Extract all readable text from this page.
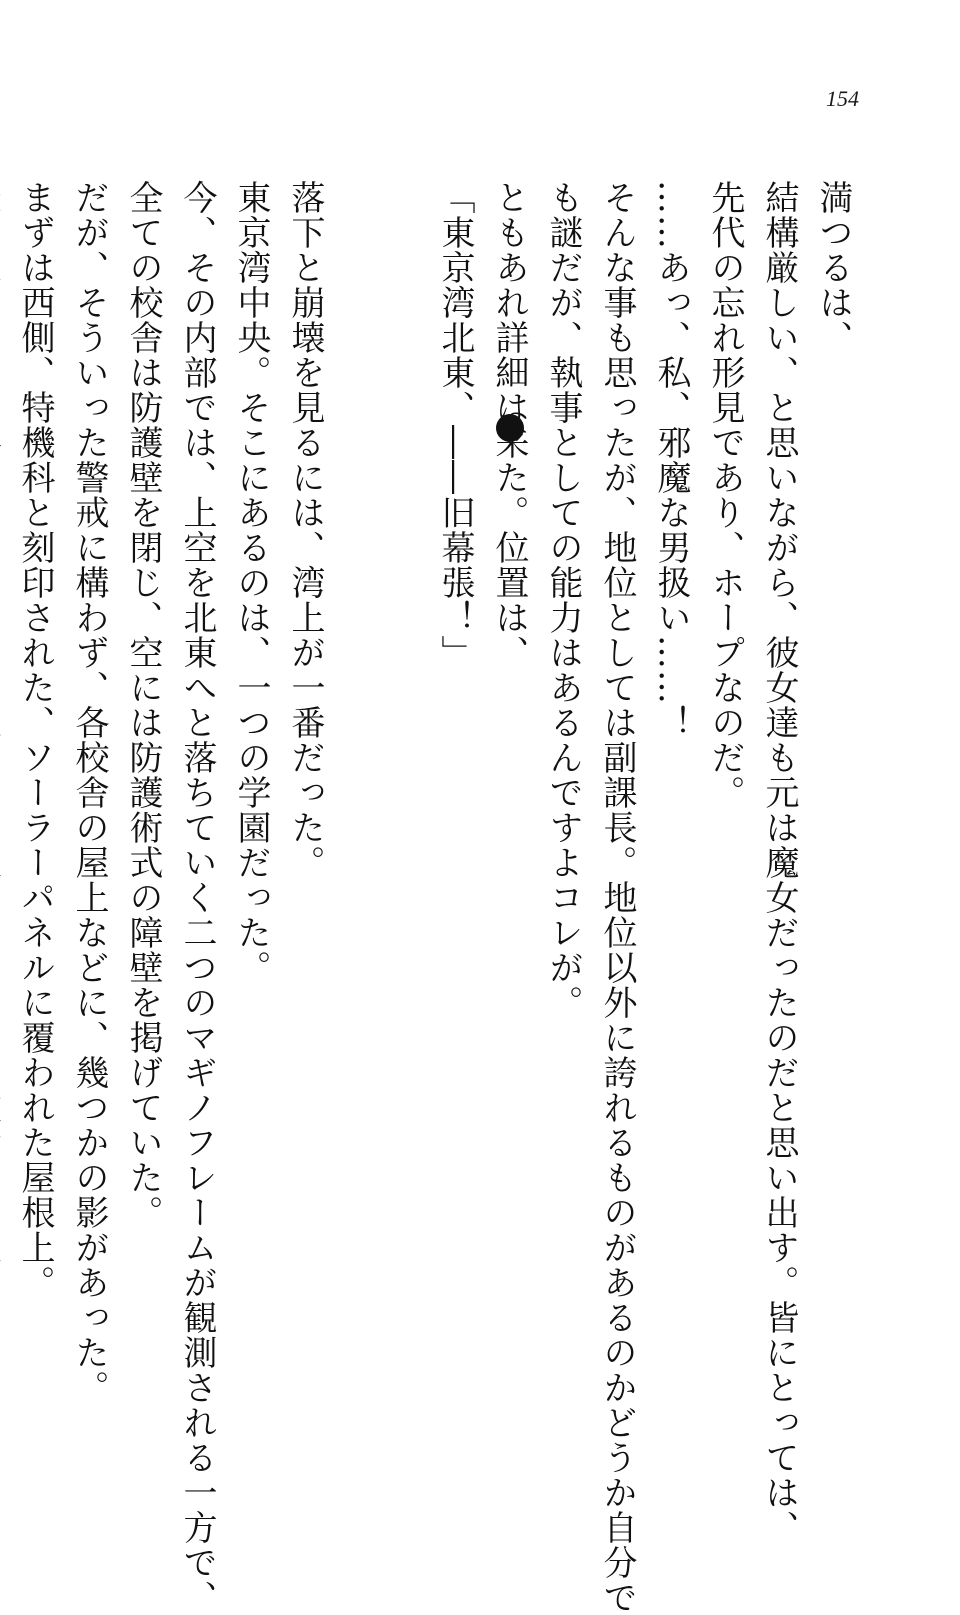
154
満つるは、
結構厳しい、と思いながら、彼女達も元は魔女だったのだと思い出す。皆にとっては、
先代の忘れ形見であり、ホープなのだ。
……あっ、私、邪魔な男扱い……！
そんな事も思ったが、地位としては副課長。地位以外に誇れるものがあるのかどうか自分で
も謎だが、執事としての能力はあるんですよコレが。
ともあれ詳細は来た。位置は、
「東京湾北東、――旧幕張！」
落下と崩壊を見るには、湾上が一番だった。
東京湾中央。そこにあるのは、一つの学園だった。
今、その内部では、上空を北東へと落ちていく二つのマギノフレームが観測される一方で、
全ての校舎は防護壁を閉じ、空には防護術式の障壁を掲げていた。
だが、そういった警戒に構わず、各校舎の屋上などに、幾つかの影があった。
まずは西側、特機科と刻印された、ソーラーパネルに覆われた屋根上。
